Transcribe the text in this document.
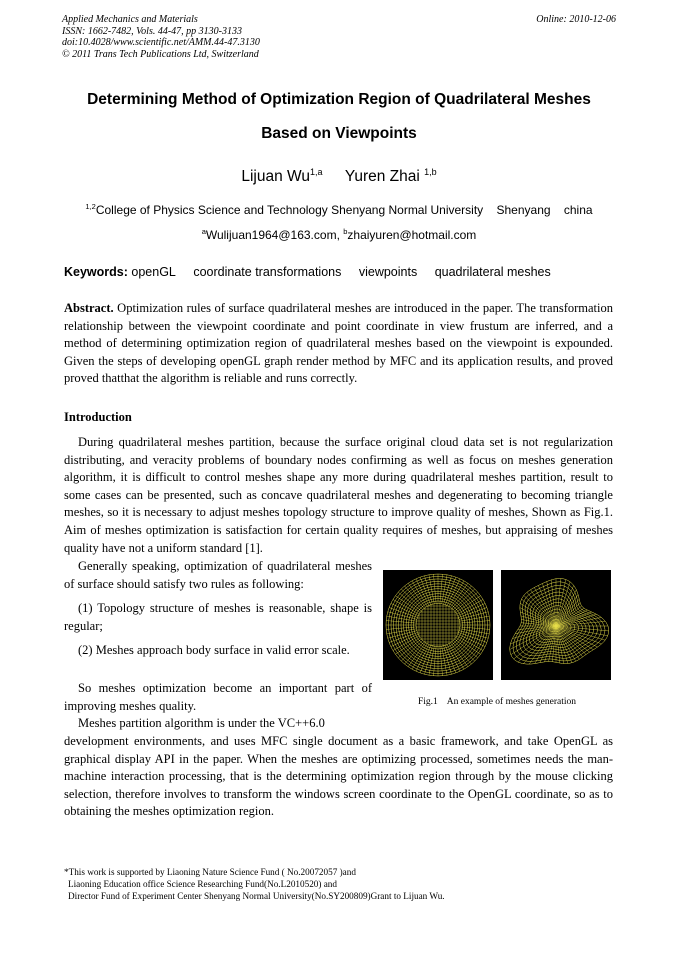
Applied Mechanics and Materials
ISSN: 1662-7482, Vols. 44-47, pp 3130-3133
doi:10.4028/www.scientific.net/AMM.44-47.3130
© 2011 Trans Tech Publications Ltd, Switzerland
Online: 2010-12-06
Determining Method of Optimization Region of Quadrilateral Meshes
Based on Viewpoints
Lijuan Wu$^{1,a}$ Yuren Zhai $^{1,b}$
$^{1,2}$College of Physics Science and Technology Shenyang Normal University    Shenyang    china
$^a$Wulijuan1964@163.com, $^b$zhaiyuren@hotmail.com
Keywords: openGL coordinate transformations viewpoints quadrilateral meshes
Abstract. Optimization rules of surface quadrilateral meshes are introduced in the paper. The transformation relationship between the viewpoint coordinate and point coordinate in view frustum are inferred, and a method of determining optimization region of quadrilateral meshes based on the viewpoint is expounded. Given the steps of developing openGL graph render method by MFC and its application results, and proved proved thatthat the algorithm is reliable and runs correctly.
Introduction
During quadrilateral meshes partition, because the surface original cloud data set is not regularization distributing, and veracity problems of boundary nodes confirming as well as focus on meshes generation algorithm, it is difficult to control meshes shape any more during quadrilateral meshes partition, result to some cases can be presented, such as concave quadrilateral meshes and degenerating to becoming triangle meshes, so it is necessary to adjust meshes topology structure to improve quality of meshes, Shown as Fig.1. Aim of meshes optimization is satisfaction for certain quality requires of meshes, but appraising of meshes quality have not a uniform standard [1].
Generally speaking, optimization of quadrilateral meshes of surface should satisfy two rules as following:
(1) Topology structure of meshes is reasonable, shape is regular;
(2) Meshes approach body surface in valid error scale.
So meshes optimization become an important part of improving meshes quality.
Meshes partition algorithm is under the VC++6.0
development environments, and uses MFC single document as a basic framework, and take OpenGL as graphical display API in the paper. When the meshes are optimizing processed, sometimes needs the man-machine interaction processing, that is the determining optimization region through by the mouse clicking selection, therefore involves to transform the windows screen coordinate to the OpenGL coordinate, so as to obtaining the meshes optimization region.
Fig.1    An example of meshes generation
*This work is supported by Liaoning Nature Science Fund ( No.20072057 )and
Liaoning Education office Science Researching Fund(No.L2010520) and
Director Fund of Experiment Center Shenyang Normal University(No.SY200809)Grant to Lijuan Wu.
